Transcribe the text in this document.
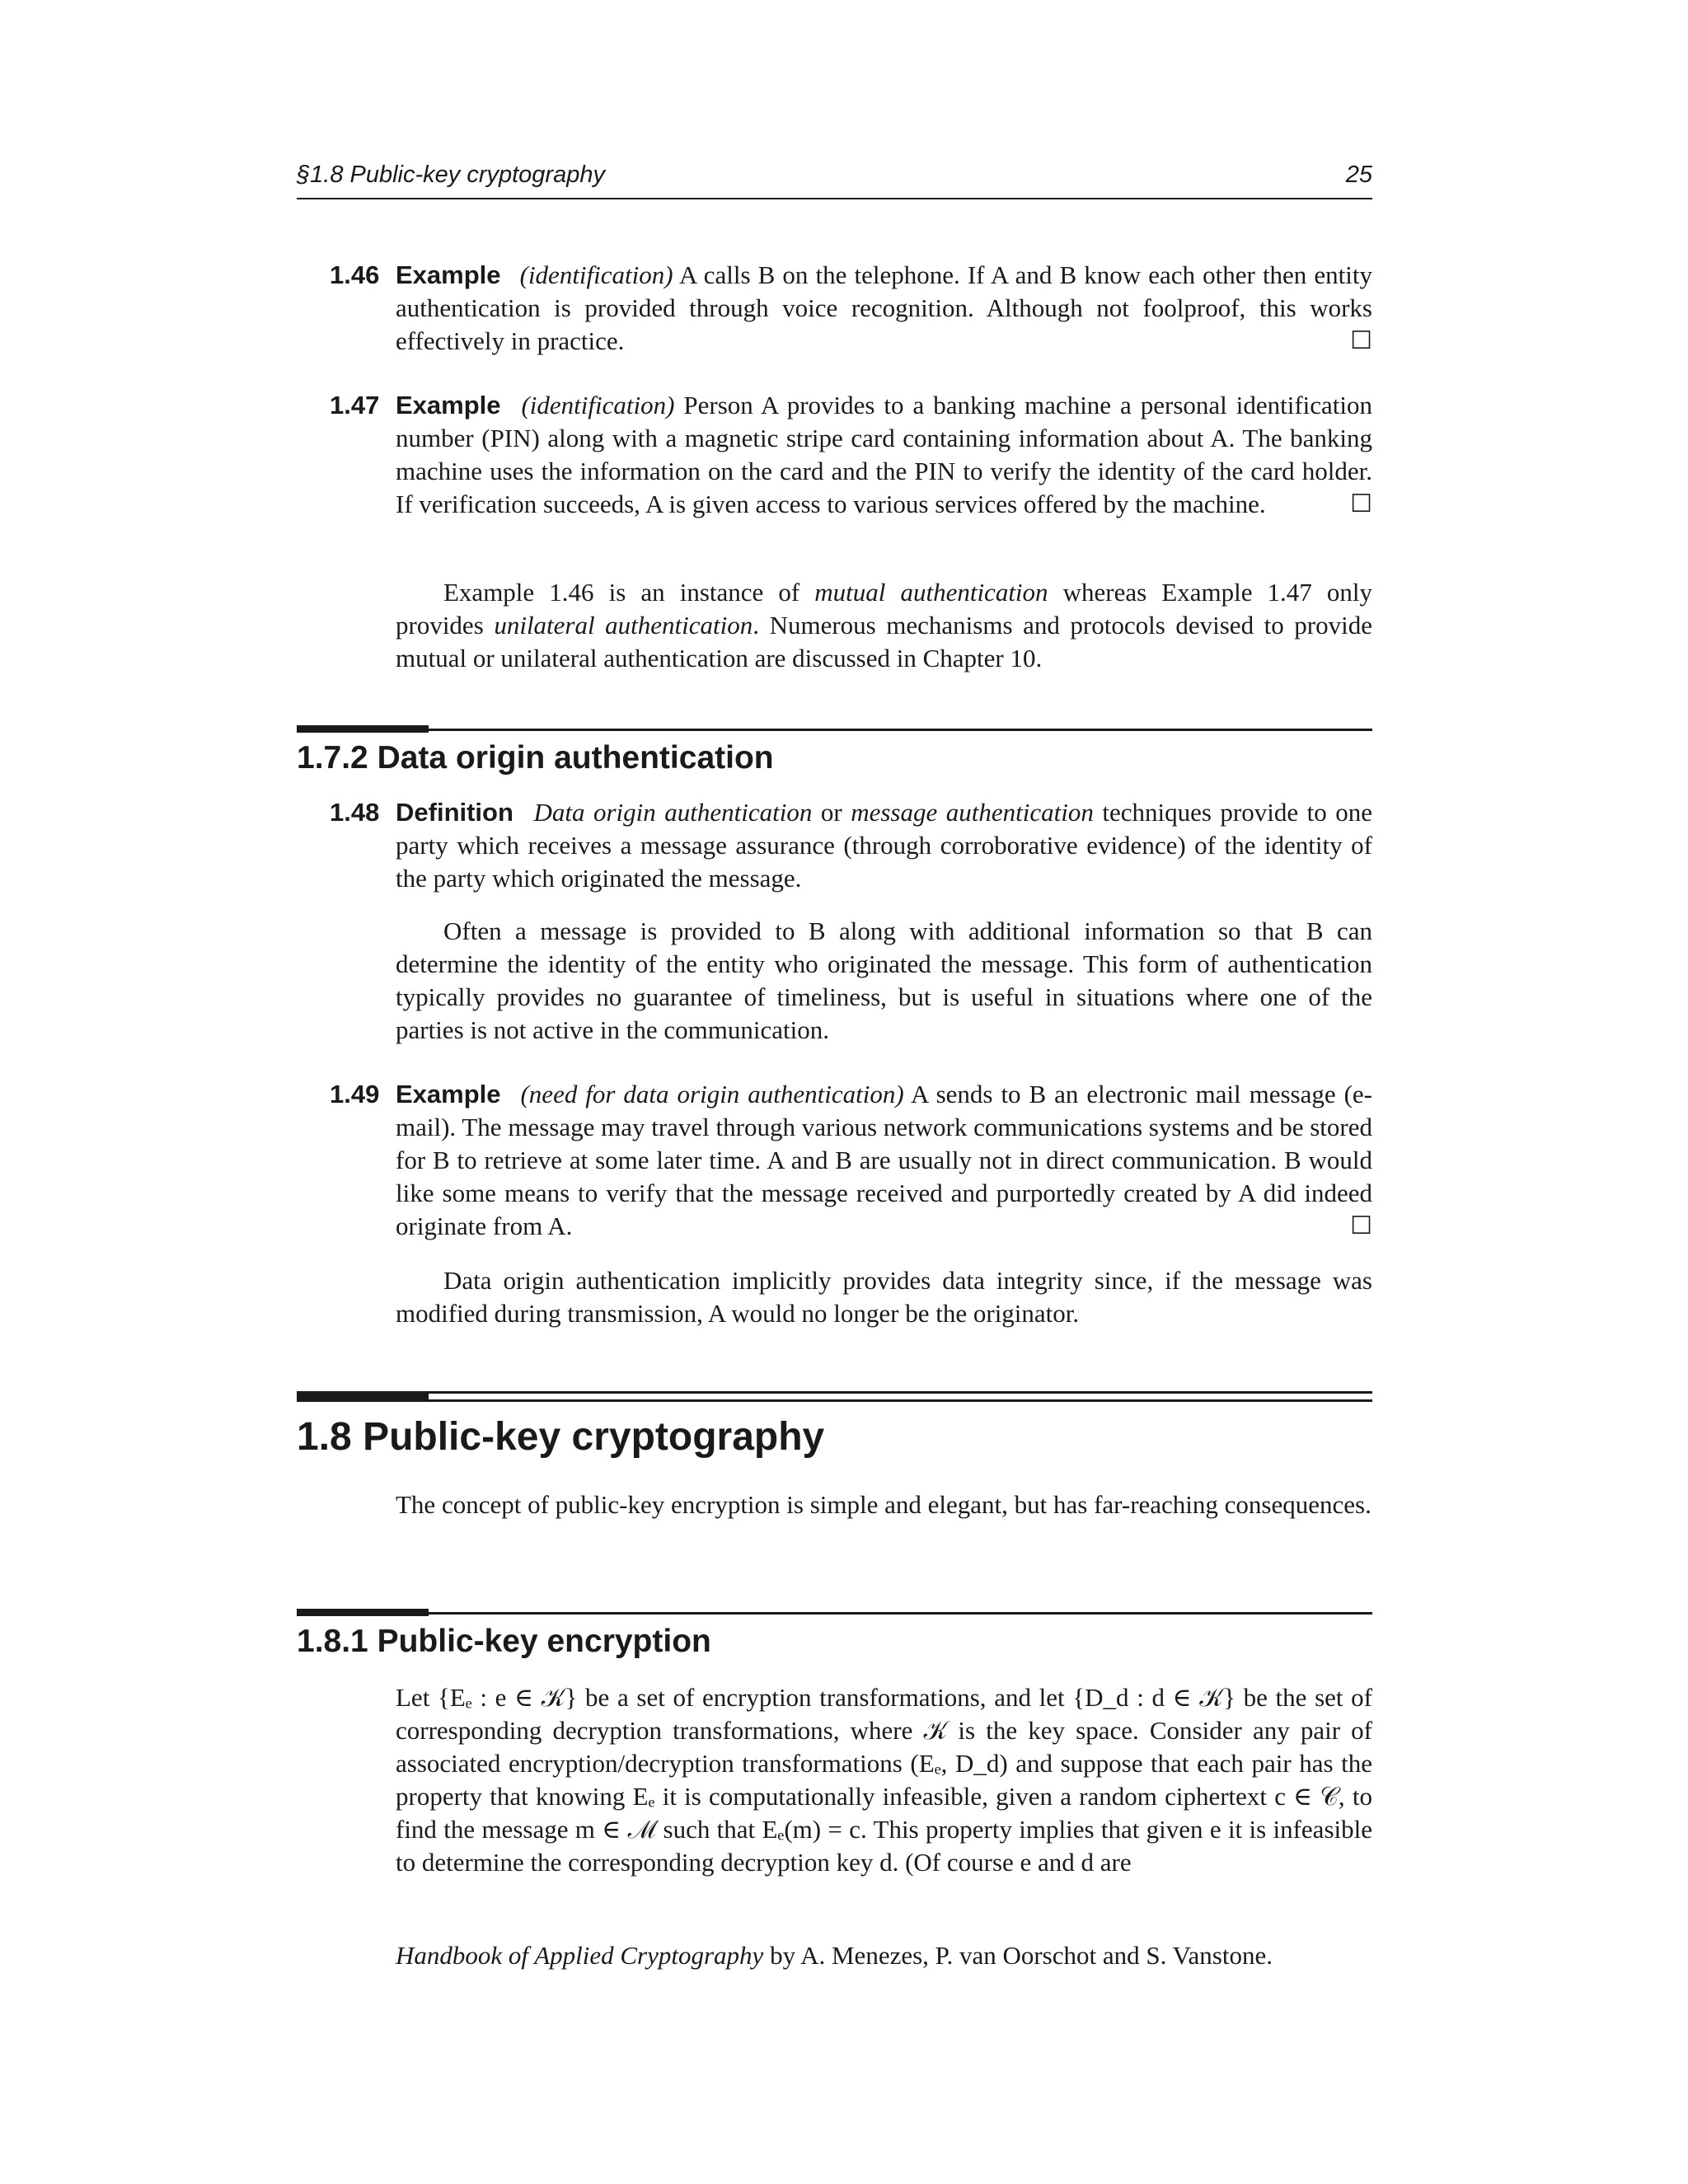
§1.8 Public-key cryptography	25
1.46 Example (identification) A calls B on the telephone. If A and B know each other then entity authentication is provided through voice recognition. Although not foolproof, this works effectively in practice.	☐
1.47 Example (identification) Person A provides to a banking machine a personal identification number (PIN) along with a magnetic stripe card containing information about A. The banking machine uses the information on the card and the PIN to verify the identity of the card holder. If verification succeeds, A is given access to various services offered by the machine.	☐
Example 1.46 is an instance of mutual authentication whereas Example 1.47 only provides unilateral authentication. Numerous mechanisms and protocols devised to provide mutual or unilateral authentication are discussed in Chapter 10.
1.7.2 Data origin authentication
1.48 Definition Data origin authentication or message authentication techniques provide to one party which receives a message assurance (through corroborative evidence) of the identity of the party which originated the message.
Often a message is provided to B along with additional information so that B can determine the identity of the entity who originated the message. This form of authentication typically provides no guarantee of timeliness, but is useful in situations where one of the parties is not active in the communication.
1.49 Example (need for data origin authentication) A sends to B an electronic mail message (e-mail). The message may travel through various network communications systems and be stored for B to retrieve at some later time. A and B are usually not in direct communication. B would like some means to verify that the message received and purportedly created by A did indeed originate from A.	☐
Data origin authentication implicitly provides data integrity since, if the message was modified during transmission, A would no longer be the originator.
1.8 Public-key cryptography
The concept of public-key encryption is simple and elegant, but has far-reaching consequences.
1.8.1 Public-key encryption
Let {Eₑ : e ∈ 𝒦} be a set of encryption transformations, and let {D_d : d ∈ 𝒦} be the set of corresponding decryption transformations, where 𝒦 is the key space. Consider any pair of associated encryption/decryption transformations (Eₑ, D_d) and suppose that each pair has the property that knowing Eₑ it is computationally infeasible, given a random ciphertext c ∈ 𝒞, to find the message m ∈ ℳ such that Eₑ(m) = c. This property implies that given e it is infeasible to determine the corresponding decryption key d. (Of course e and d are
Handbook of Applied Cryptography by A. Menezes, P. van Oorschot and S. Vanstone.
